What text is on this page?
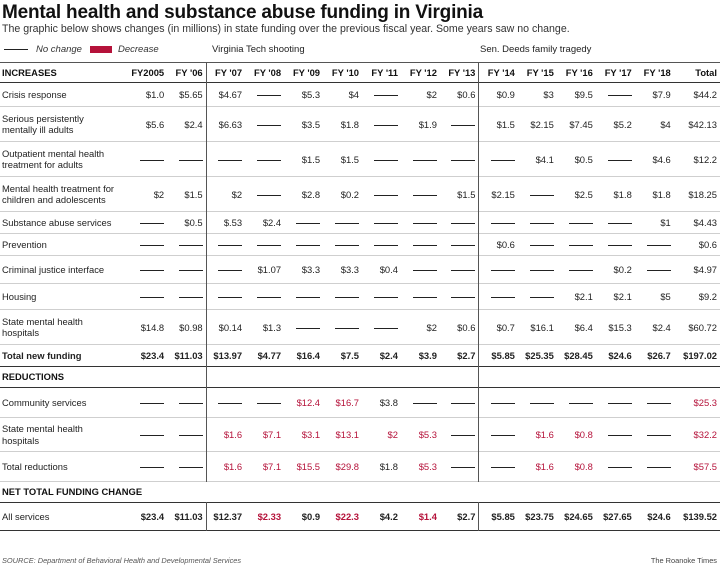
Mental health and substance abuse funding in Virginia
The graphic below shows changes (in millions) in state funding over the previous fiscal year. Some years saw no change.
No change	Decrease	Virginia Tech shooting	Sen. Deeds family tragedy
INCREASES	FY2005	FY '06	FY '07	FY '08	FY '09	FY '10	FY '11	FY '12	FY '13	FY '14	FY '15	FY '16	FY '17	FY '18	Total
Crisis response	$1.0	$5.65	$4.67		$5.3	$4		$2	$0.6	$0.9	$3	$9.5		$7.9	$44.2
Serious persistently mentally ill adults	$5.6	$2.4	$6.63		$3.5	$1.8		$1.9		$1.5	$2.15	$7.45	$5.2	$4	$42.13
Outpatient mental health treatment for adults					$1.5	$1.5					$4.1	$0.5		$4.6	$12.2
Mental health treatment for children and adolescents	$2	$1.5	$2		$2.8	$0.2			$1.5	$2.15		$2.5	$1.8	$1.8	$18.25
Substance abuse services		$0.5	$.53	$2.4										$1	$4.43
Prevention										$0.6					$0.6
Criminal justice interface				$1.07	$3.3	$3.3	$0.4						$0.2		$4.97
Housing												$2.1	$2.1	$5	$9.2
State mental health hospitals	$14.8	$0.98	$0.14	$1.3				$2	$0.6	$0.7	$16.1	$6.4	$15.3	$2.4	$60.72
Total new funding	$23.4	$11.03	$13.97	$4.77	$16.4	$7.5	$2.4	$3.9	$2.7	$5.85	$25.35	$28.45	$24.6	$26.7	$197.02
REDUCTIONS															
Community services					$12.4	$16.7	$3.8								$25.3
State mental health hospitals			$1.6	$7.1	$3.1	$13.1	$2	$5.3			$1.6	$0.8			$32.2
Total reductions			$1.6	$7.1	$15.5	$29.8	$1.8	$5.3			$1.6	$0.8			$57.5
NET TOTAL FUNDING CHANGE															
All services	$23.4	$11.03	$12.37	$2.33	$0.9	$22.3	$4.2	$1.4	$2.7	$5.85	$23.75	$24.65	$27.65	$24.6	$139.52
SOURCE: Department of Behavioral Health and Developmental Services	The Roanoke Times
